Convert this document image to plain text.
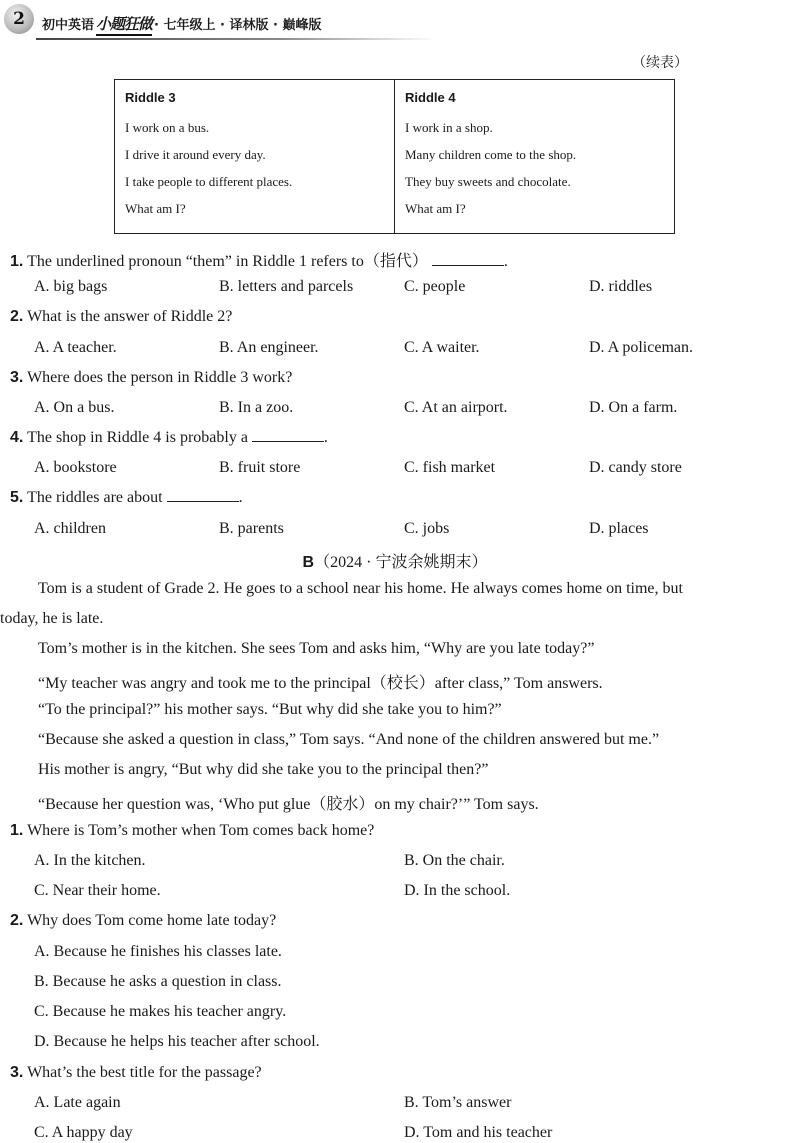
2	初中英语 小题狂做 · 七年级上 · 译林版 · 巅峰版
（续表）
Riddle 3
I work on a bus.
I drive it around every day.
I take people to different places.
What am I?

Riddle 4
I work in a shop.
Many children come to the shop.
They buy sweets and chocolate.
What am I?
1. The underlined pronoun “them” in Riddle 1 refers to（指代）	.
A. big bags	B. letters and parcels	C. people	D. riddles
2. What is the answer of Riddle 2?
A. A teacher.	B. An engineer.	C. A waiter.	D. A policeman.
3. Where does the person in Riddle 3 work?
A. On a bus.	B. In a zoo.	C. At an airport.	D. On a farm.
4. The shop in Riddle 4 is probably a	.
A. bookstore	B. fruit store	C. fish market	D. candy store
5. The riddles are about	.
A. children	B. parents	C. jobs	D. places
B（2024 · 宁波余姚期末）
Tom is a student of Grade 2. He goes to a school near his home. He always comes home on time, but
today, he is late.
Tom’s mother is in the kitchen. She sees Tom and asks him, “Why are you late today?”
“My teacher was angry and took me to the principal（校长）after class,” Tom answers.
“To the principal?” his mother says. “But why did she take you to him?”
“Because she asked a question in class,” Tom says. “And none of the children answered but me.”
His mother is angry, “But why did she take you to the principal then?”
“Because her question was, ‘Who put glue（胶水）on my chair?’” Tom says.
1. Where is Tom’s mother when Tom comes back home?
A. In the kitchen.	B. On the chair.
C. Near their home.	D. In the school.
2. Why does Tom come home late today?
A. Because he finishes his classes late.
B. Because he asks a question in class.
C. Because he makes his teacher angry.
D. Because he helps his teacher after school.
3. What’s the best title for the passage?
A. Late again	B. Tom’s answer
C. A happy day	D. Tom and his teacher
